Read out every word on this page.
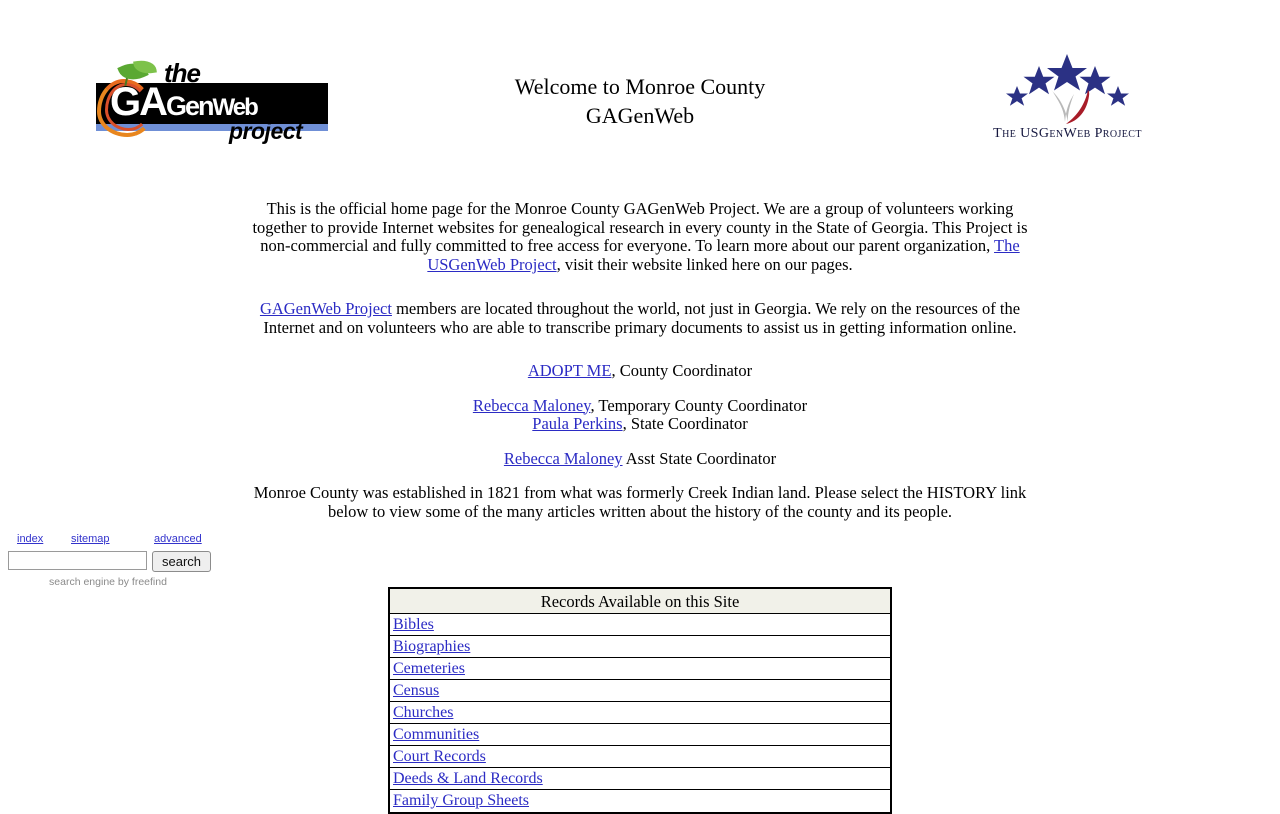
the
GAGenWeb
project
Welcome to Monroe County
GAGenWeb
The USGenWeb Project

This is the official home page for the Monroe County GAGenWeb Project. We are a group of volunteers working together to provide Internet websites for genealogical research in every county in the State of Georgia. This Project is non-commercial and fully committed to free access for everyone. To learn more about our parent organization, The USGenWeb Project, visit their website linked here on our pages.

GAGenWeb Project members are located throughout the world, not just in Georgia. We rely on the resources of the Internet and on volunteers who are able to transcribe primary documents to assist us in getting information online.

ADOPT ME, County Coordinator
Rebecca Maloney, Temporary County Coordinator
Paula Perkins, State Coordinator
Rebecca Maloney Asst State Coordinator
Monroe County was established in 1821 from what was formerly Creek Indian land. Please select the HISTORY link below to view some of the many articles written about the history of the county and its people.
index	sitemap	advanced
search
search engine by freefind
Records Available on this Site
Bibles
Biographies
Cemeteries
Census
Churches
Communities
Court Records
Deeds & Land Records
Family Group Sheets
